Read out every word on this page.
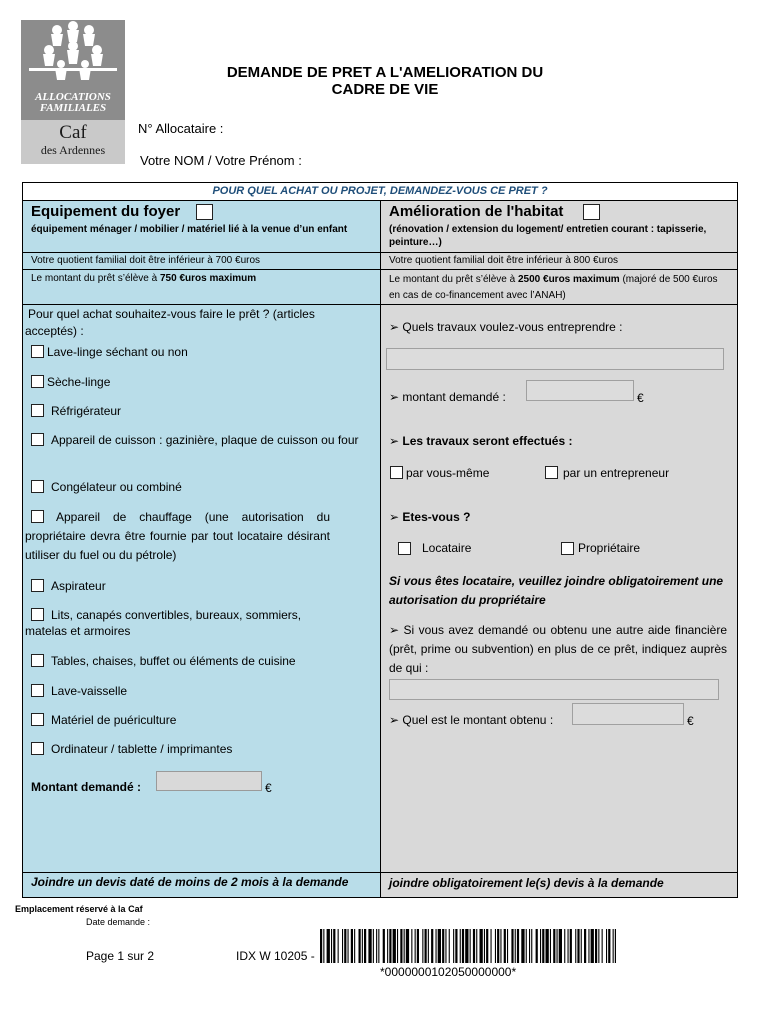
ALLOCATIONS
FAMILIALES
Caf
des Ardennes
DEMANDE DE PRET A L'AMELIORATION DU
CADRE DE VIE
N° Allocataire :
Votre NOM / Votre Prénom :
POUR QUEL ACHAT OU PROJET, DEMANDEZ-VOUS CE PRET ?
Equipement du foyer
équipement ménager / mobilier / matériel lié à la venue d’un enfant
Votre quotient familial doit être inférieur à 700 €uros
Le montant du prêt s’élève à 750 €uros maximum
Amélioration de l'habitat
(rénovation / extension du logement/ entretien courant : tapisserie, peinture…)
Votre quotient familial doit être inférieur à 800 €uros
Le montant du prêt s’élève à 2500 €uros maximum (majoré de 500 €uros en cas de co-financement avec l’ANAH)
Pour quel achat souhaitez-vous faire le prêt ? (articles acceptés) :
Lave-linge séchant ou non
Sèche-linge
Réfrigérateur
Appareil de cuisson : gazinière, plaque de cuisson ou four
Congélateur ou combiné
Appareil de chauffage (une autorisation du propriétaire devra être fournie par tout locataire désirant utiliser du fuel ou du pétrole)
Aspirateur
Lits, canapés convertibles, bureaux, sommiers, matelas et armoires
Tables, chaises, buffet ou éléments de cuisine
Lave-vaisselle
Matériel de puériculture
Ordinateur / tablette / imprimantes
Montant demandé :	€
Joindre un devis daté de moins de 2 mois à la demande
➢ Quels travaux voulez-vous entreprendre :
➢ montant demandé :	€
➢ Les travaux seront effectués :
par vous-même	par un entrepreneur
➢ Etes-vous ?
Locataire	Propriétaire
Si vous êtes locataire, veuillez joindre obligatoirement une autorisation du propriétaire
➢ Si vous avez demandé ou obtenu une autre aide financière (prêt, prime ou subvention) en plus de ce prêt, indiquez auprès de qui :
➢ Quel est le montant obtenu :	€
joindre obligatoirement le(s) devis à la demande
Emplacement réservé à la Caf
Date demande :
Page 1 sur 2	IDX W 10205 -
*0000000102050000000*
